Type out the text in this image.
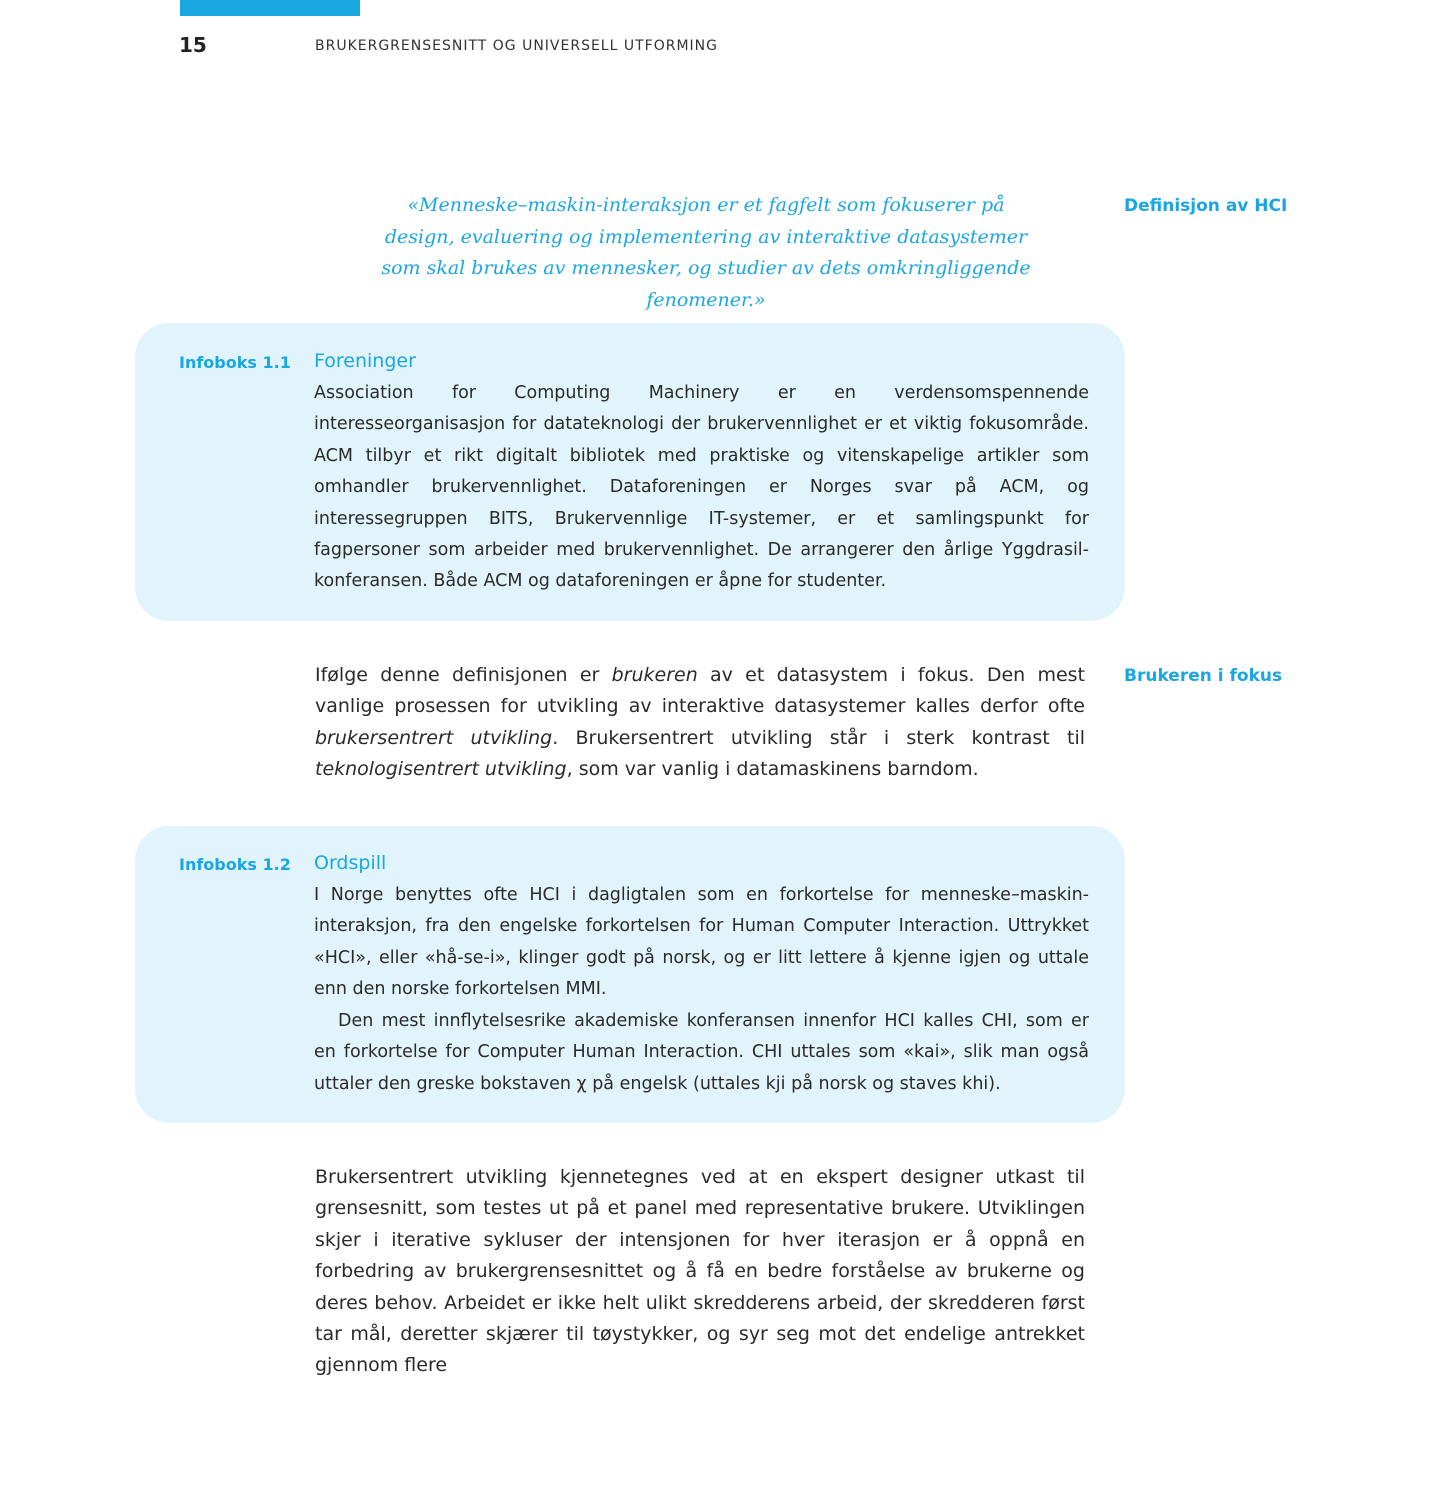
15	BRUKERGRENSESNITT OG UNIVERSELL UTFORMING
«Menneske–maskin-interaksjon er et fagfelt som fokuserer på design, evaluering og implementering av interaktive datasystemer som skal brukes av mennesker, og studier av dets omkringliggende fenomener.»
Definisjon av HCI
Infoboks 1.1 Foreninger

Association for Computing Machinery er en verdensomspennende interesseorganisasjon for datateknologi der brukervennlighet er et viktig fokusområde. ACM tilbyr et rikt digitalt bibliotek med praktiske og vitenskapelige artikler som omhandler brukervennlighet. Dataforeningen er Norges svar på ACM, og interessegruppen BITS, Brukervennlige IT-systemer, er et samlingspunkt for fagpersoner som arbeider med brukervennlighet. De arrangerer den årlige Yggdrasil-konferansen. Både ACM og dataforeningen er åpne for studenter.

Ifølge denne definisjonen er brukeren av et datasystem i fokus. Den mest vanlige prosessen for utvikling av interaktive datasystemer kalles derfor ofte brukersentrert utvikling. Brukersentrert utvikling står i sterk kontrast til teknologisentrert utvikling, som var vanlig i datamaskinens barndom.

Brukeren i fokus
Infoboks 1.2 Ordspill

I Norge benyttes ofte HCI i dagligtalen som en forkortelse for menneske–maskin-interaksjon, fra den engelske forkortelsen for Human Computer Interaction. Uttrykket «HCI», eller «hå-se-i», klinger godt på norsk, og er litt lettere å kjenne igjen og uttale enn den norske forkortelsen MMI.

Den mest innflytelsesrike akademiske konferansen innenfor HCI kalles CHI, som er en forkortelse for Computer Human Interaction. CHI uttales som «kai», slik man også uttaler den greske bokstaven χ på engelsk (uttales kji på norsk og staves khi).

Brukersentrert utvikling kjennetegnes ved at en ekspert designer utkast til grensesnitt, som testes ut på et panel med representative brukere. Utviklingen skjer i iterative sykluser der intensjonen for hver iterasjon er å oppnå en forbedring av brukergrensesnittet og å få en bedre forståelse av brukerne og deres behov. Arbeidet er ikke helt ulikt skredderens arbeid, der skredderen først tar mål, deretter skjærer til tøystykker, og syr seg mot det endelige antrekket gjennom flere
